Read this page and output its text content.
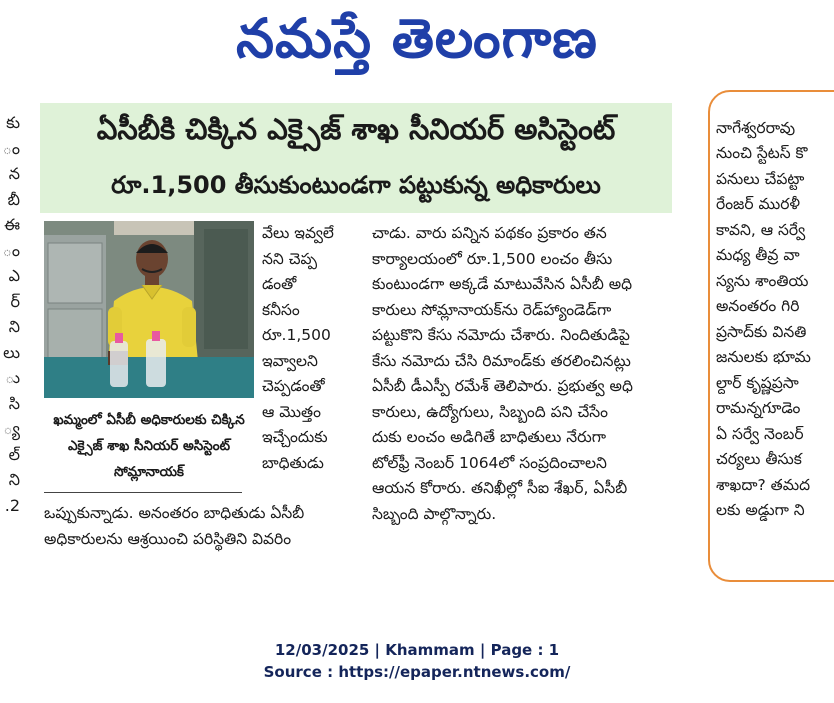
నమస్తే తెలంగాణ
కు
ం
న
బీ
ఈ
ం
ఎ
ర్
ని
లు
ు
సి
్య
ల్
ని
.2
ఏసీబీకి చిక్కిన ఎక్సైజ్ శాఖ సీనియర్ అసిస్టెంట్
రూ.1,500 తీసుకుంటుండగా పట్టుకున్న అధికారులు
ఖమ్మంలో ఏసీబీ అధికారులకు చిక్కిన ఎక్సైజ్ శాఖ సీనియర్ అసిస్టెంట్ సోమ్లానాయక్
వేలు ఇవ్వలే
నని చెప్ప
డంతో
కనీసం
రూ.1,500
ఇవ్వాలని
చెప్పడంతో
ఆ మొత్తం
ఇచ్చేందుకు
బాధితుడు
ఒప్పుకున్నాడు. అనంతరం బాధితుడు ఏసీబీ
అధికారులను ఆశ్రయించి పరిస్థితిని వివరిం
చాడు. వారు పన్నిన పథకం ప్రకారం తన
కార్యాలయంలో రూ.1,500 లంచం తీసు
కుంటుండగా అక్కడే మాటువేసిన ఏసీబీ అధి
కారులు సోమ్లానాయక్‌ను రెడ్‌హ్యాండెడ్‌గా
పట్టుకొని కేసు నమోదు చేశారు. నిందితుడిపై
కేసు నమోదు చేసి రిమాండ్‌కు తరలించినట్లు
ఏసీబీ డీఎస్పీ రమేశ్ తెలిపారు. ప్రభుత్వ అధి
కారులు, ఉద్యోగులు, సిబ్బంది పని చేసేం
దుకు లంచం అడిగితే బాధితులు నేరుగా
టోల్‌ఫ్రీ నెంబర్ 1064లో సంప్రదించాలని
ఆయన కోరారు. తనిఖీల్లో సీఐ శేఖర్, ఏసీబీ
సిబ్బంది పాల్గొన్నారు.

నాగేశ్వరరావు
నుంచి స్టేటస్ కొ
పనులు చేపట్టా
రేంజర్ మురళీ
కావని, ఆ సర్వే
మధ్య తీవ్ర వా
స్యను శాంతియ
అనంతరం గిరి
ప్రసాద్‌కు వినతి
జనులకు భూమ
ల్దార్ కృష్ణప్రసా
రామన్నగూడెం
ఏ సర్వే నెంబర్
చర్యలు తీసుక
శాఖదా? తమద
లకు అడ్డుగా ని
12/03/2025 | Khammam | Page : 1
Source : https://epaper.ntnews.com/
